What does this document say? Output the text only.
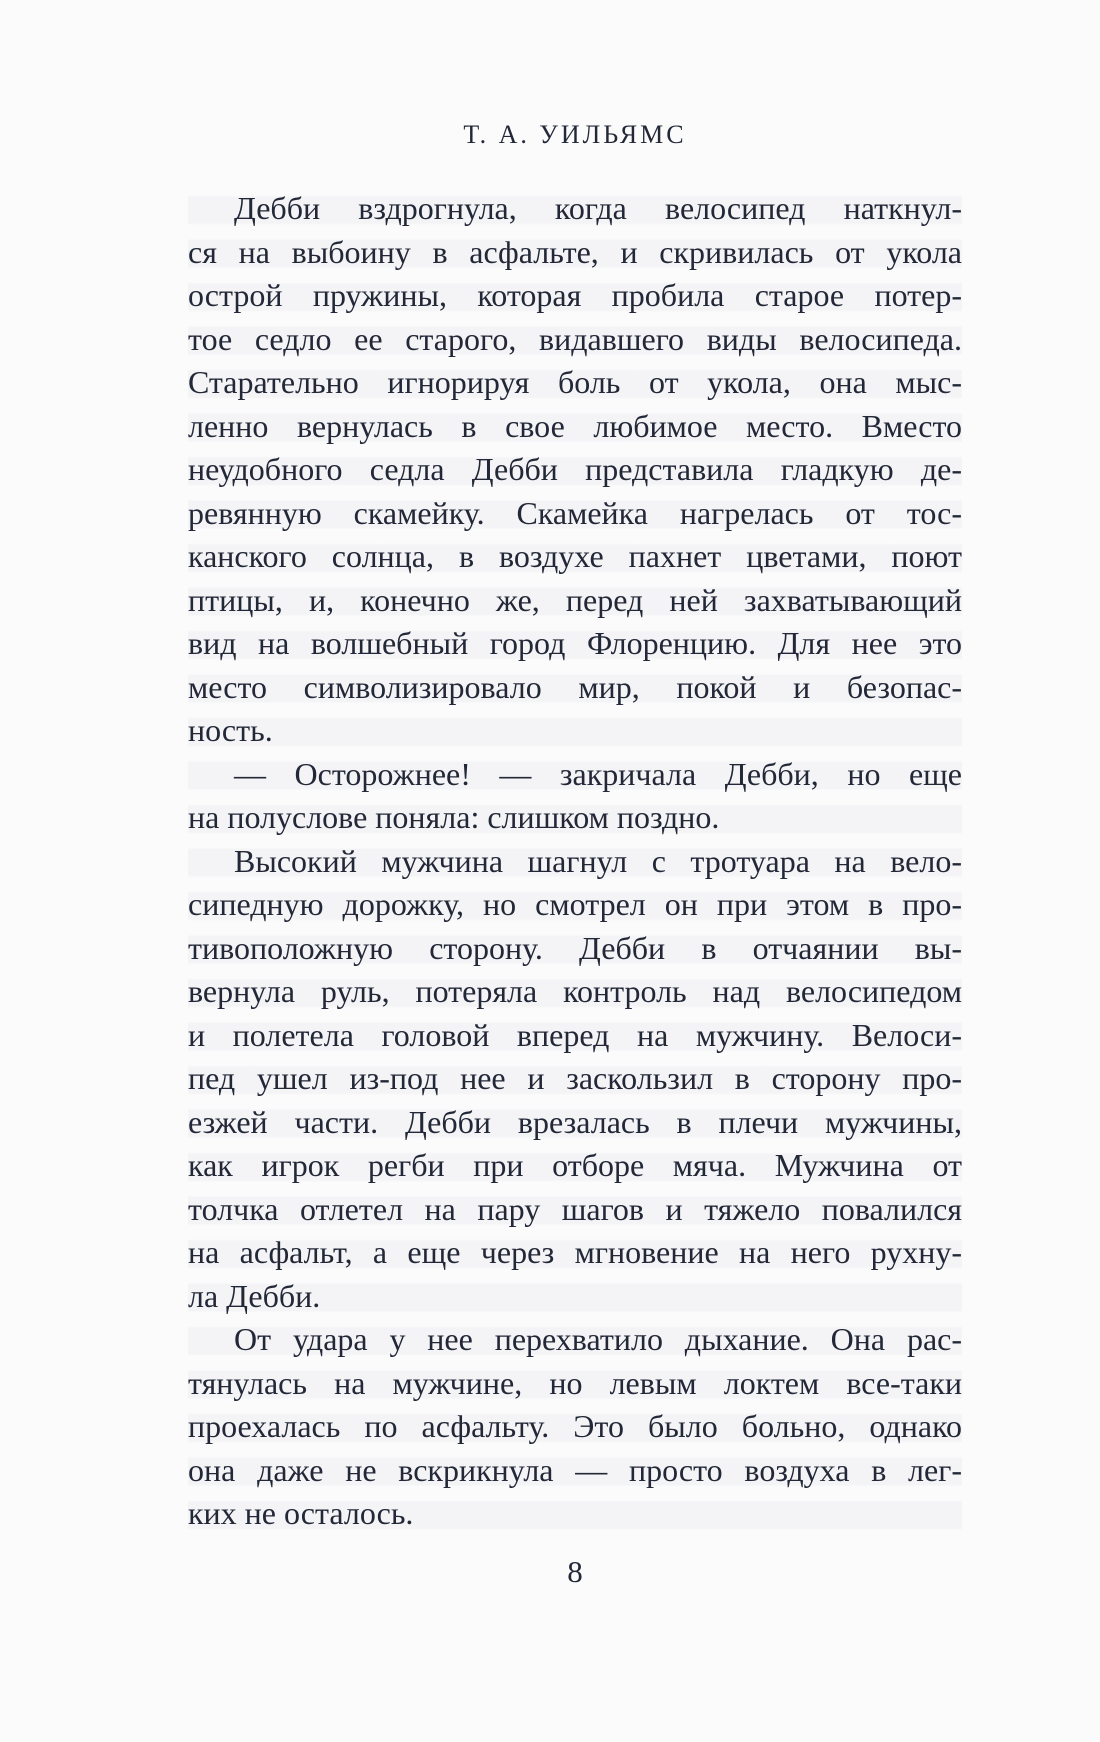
Т. А. УИЛЬЯМС
Дебби вздрогнула, когда велосипед наткнул-
ся на выбоину в асфальте, и скривилась от укола
острой пружины, которая пробила старое потер-
тое седло ее старого, видавшего виды велосипеда.
Старательно игнорируя боль от укола, она мыс-
ленно вернулась в свое любимое место. Вместо
неудобного седла Дебби представила гладкую де-
ревянную скамейку. Скамейка нагрелась от тос-
канского солнца, в воздухе пахнет цветами, поют
птицы, и, конечно же, перед ней захватывающий
вид на волшебный город Флоренцию. Для нее это
место символизировало мир, покой и безопас-
ность.
— Осторожнее! — закричала Дебби, но еще
на полуслове поняла: слишком поздно.
Высокий мужчина шагнул с тротуара на вело-
сипедную дорожку, но смотрел он при этом в про-
тивоположную сторону. Дебби в отчаянии вы-
вернула руль, потеряла контроль над велосипедом
и полетела головой вперед на мужчину. Велоси-
пед ушел из-под нее и заскользил в сторону про-
езжей части. Дебби врезалась в плечи мужчины,
как игрок регби при отборе мяча. Мужчина от
толчка отлетел на пару шагов и тяжело повалился
на асфальт, а еще через мгновение на него рухну-
ла Дебби.
От удара у нее перехватило дыхание. Она рас-
тянулась на мужчине, но левым локтем все-таки
проехалась по асфальту. Это было больно, однако
она даже не вскрикнула — просто воздуха в лег-
ких не осталось.
8
